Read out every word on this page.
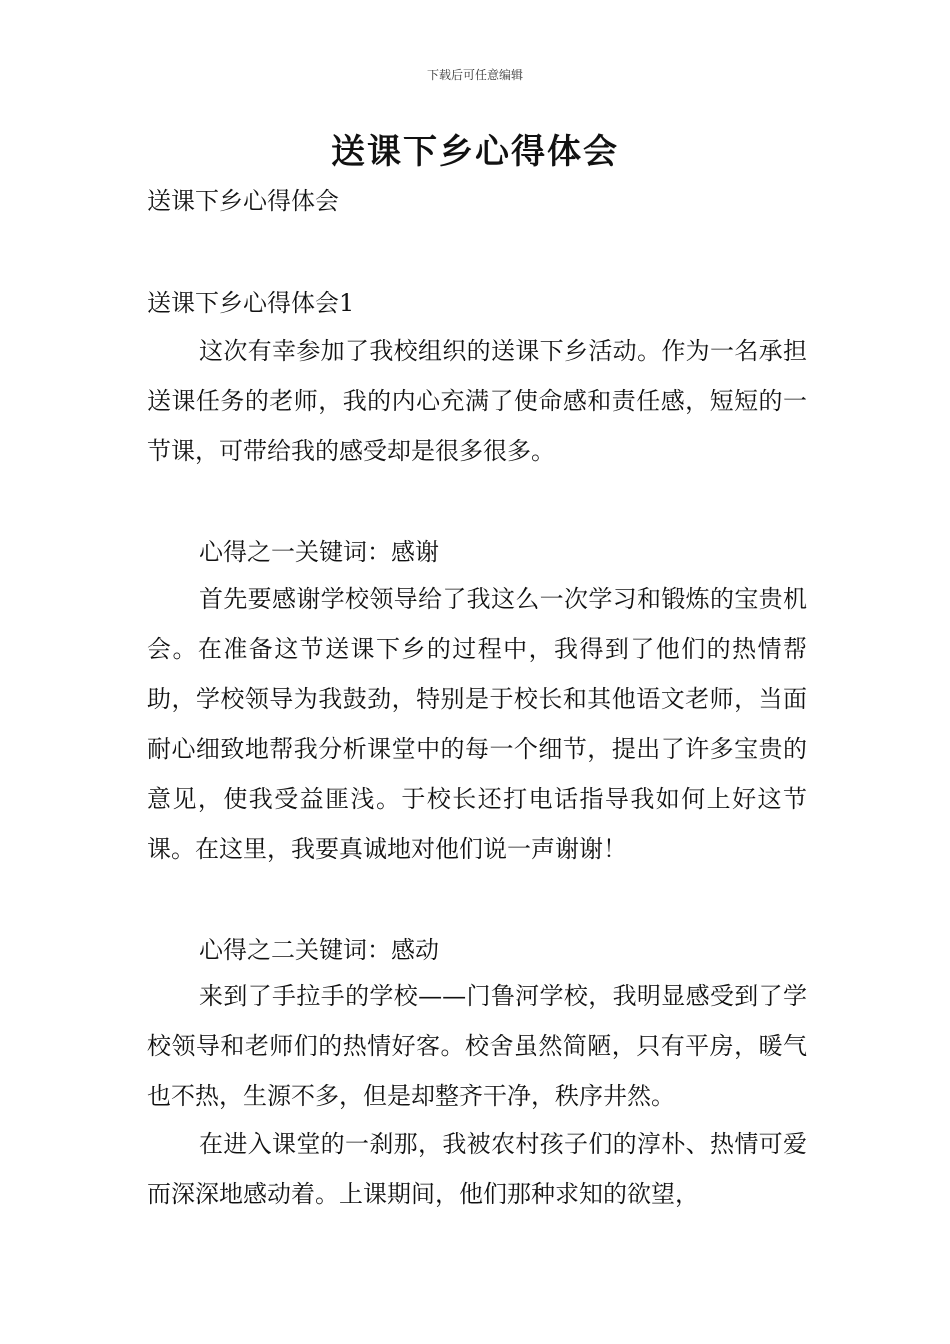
下载后可任意编辑
送课下乡心得体会
送课下乡心得体会
送课下乡心得体会1

这次有幸参加了我校组织的送课下乡活动。作为一名承担送课任务的老师，我的内心充满了使命感和责任感，短短的一节课，可带给我的感受却是很多很多。

心得之一关键词：感谢

首先要感谢学校领导给了我这么一次学习和锻炼的宝贵机会。在准备这节送课下乡的过程中，我得到了他们的热情帮助，学校领导为我鼓劲，特别是于校长和其他语文老师，当面耐心细致地帮我分析课堂中的每一个细节，提出了许多宝贵的意见，使我受益匪浅。于校长还打电话指导我如何上好这节课。在这里，我要真诚地对他们说一声谢谢！

心得之二关键词：感动

来到了手拉手的学校——门鲁河学校，我明显感受到了学校领导和老师们的热情好客。校舍虽然简陋，只有平房，暖气也不热，生源不多，但是却整齐干净，秩序井然。

在进入课堂的一刹那，我被农村孩子们的淳朴、热情可爱而深深地感动着。上课期间，他们那种求知的欲望，
